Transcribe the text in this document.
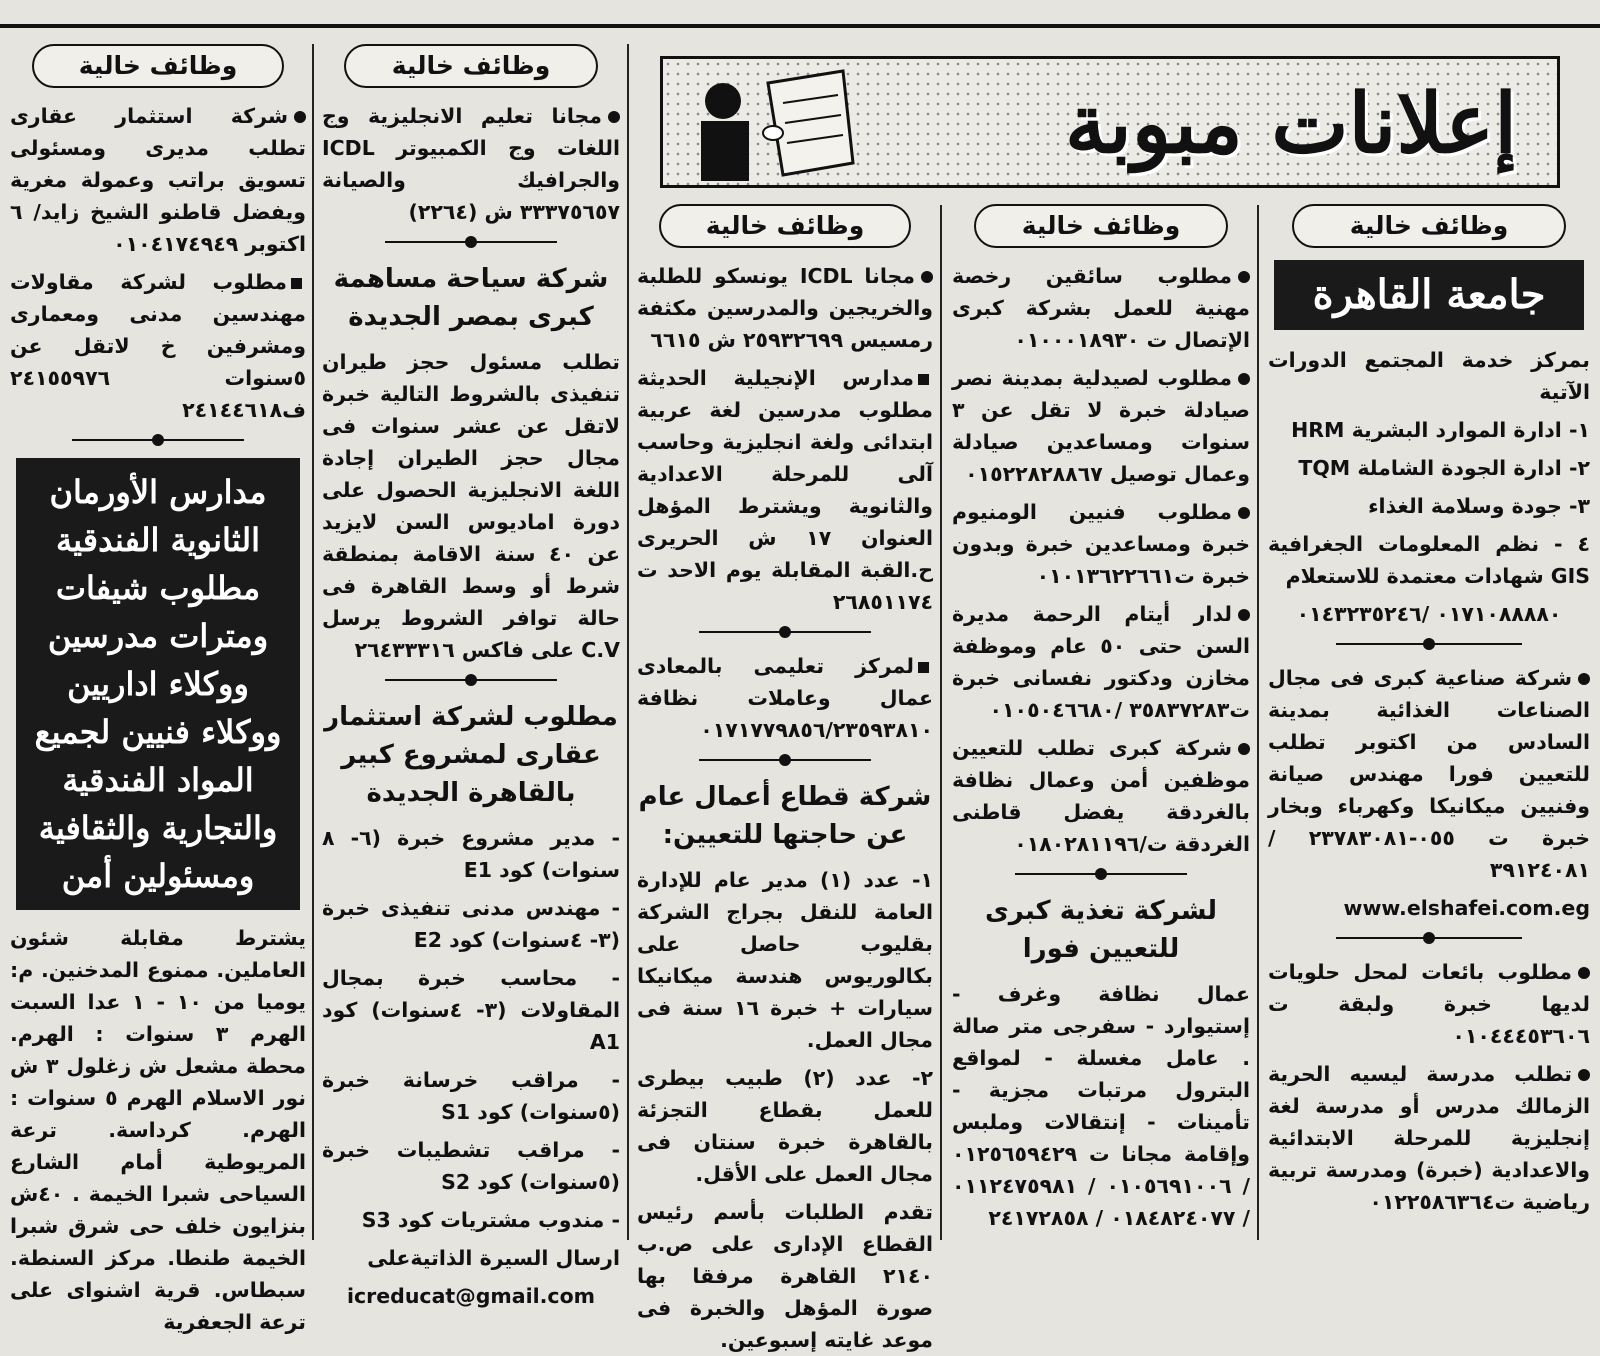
إعلانات مبوبة
وظائف خالية
جامعة القاهرة
بمركز خدمة المجتمع الدورات الآتية
١- ادارة الموارد البشرية HRM
٢- ادارة الجودة الشاملة TQM
٣- جودة وسلامة الغذاء
٤ - نظم المعلومات الجغرافية GIS شهادات معتمدة للاستعلام
٠١٧١٠٨٨٨٨٠ /٠١٤٣٢٣٥٢٤٦
شركة صناعية كبرى فى مجال الصناعات الغذائية بمدينة السادس من اكتوبر تطلب للتعيين فورا مهندس صيانة وفنيين ميكانيكا وكهرباء وبخار خبرة ت ٠٥٥-٢٣٧٨٣٠٨١ /٣٩١٢٤٠٨١
www.elshafei.com.eg
مطلوب بائعات لمحل حلويات لديها خبرة ولبقة ت ٠١٠٤٤٤٥٣٦٠٦
تطلب مدرسة ليسيه الحرية الزمالك مدرس أو مدرسة لغة إنجليزية للمرحلة الابتدائية والاعدادية (خبرة) ومدرسة تربية رياضية ت٠١٢٢٥٨٦٣٦٤
وظائف خالية
مطلوب سائقين رخصة مهنية للعمل بشركة كبرى الإتصال ت ٠١٠٠٠١٨٩٣٠
مطلوب لصيدلية بمدينة نصر صيادلة خبرة لا تقل عن ٣ سنوات ومساعدين صيادلة وعمال توصيل ٠١٥٢٢٨٢٨٨٦٧
مطلوب فنيين الومنيوم خبرة ومساعدين خبرة وبدون خبرة ت٠١٠١٣٦٢٢٦٦١
لدار أيتام الرحمة مديرة السن حتى ٥٠ عام وموظفة مخازن ودكتور نفسانى خبرة ت٣٥٨٣٧٢٨٣ /٠١٠٥٠٤٦٦٨٠
شركة كبرى تطلب للتعيين موظفين أمن وعمال نظافة بالغردقة يفضل قاطنى الغردقة ت/٠١٨٠٢٨١١٩٦
لشركة تغذية كبرى للتعيين فورا
عمال نظافة وغرف - إستيوارد - سفرجى متر صالة . عامل مغسلة - لمواقع البترول مرتبات مجزية - تأمينات - إنتقالات وملبس وإقامة مجانا ت ٠١٢٥٦٥٩٤٢٩ / ٠١٠٥٦٩١٠٠٦ / ٠١١٢٤٧٥٩٨١ / ٠١٨٤٨٢٤٠٧٧ / ٢٤١٧٢٨٥٨
وظائف خالية
مجانا ICDL يونسكو للطلبة والخريجين والمدرسين مكثفة رمسيس ٢٥٩٣٢٦٩٩ ش ٦٦١٥
مدارس الإنجيلية الحديثة مطلوب مدرسين لغة عربية ابتدائى ولغة انجليزية وحاسب آلى للمرحلة الاعدادية والثانوية ويشترط المؤهل العنوان ١٧ ش الحريرى ح.القبة المقابلة يوم الاحد ت ٢٦٨٥١١٧٤
لمركز تعليمى بالمعادى عمال وعاملات نظافة ٠١٧١٧٧٩٨٥٦/٢٣٥٩٣٨١٠
شركة قطاع أعمال عام عن حاجتها للتعيين:
١- عدد (١) مدير عام للإدارة العامة للنقل بجراج الشركة بقليوب حاصل على بكالوريوس هندسة ميكانيكا سيارات + خبرة ١٦ سنة فى مجال العمل.
٢- عدد (٢) طبيب بيطرى للعمل بقطاع التجزئة بالقاهرة خبرة سنتان فى مجال العمل على الأقل.
تقدم الطلبات بأسم رئيس القطاع الإدارى على ص.ب ٢١٤٠ القاهرة مرفقا بها صورة المؤهل والخبرة فى موعد غايته إسبوعين.
وظائف خالية
مجانا تعليم الانجليزية وج اللغات وج الكمبيوتر ICDL والجرافيك والصيانة ٣٣٣٧٥٦٥٧ ش (٢٢٦٤)
شركة سياحة مساهمة كبرى بمصر الجديدة
تطلب مسئول حجز طيران تنفيذى بالشروط التالية خبرة لاتقل عن عشر سنوات فى مجال حجز الطيران إجادة اللغة الانجليزية الحصول على دورة اماديوس السن لايزيد عن ٤٠ سنة الاقامة بمنطقة شرط أو وسط القاهرة فى حالة توافر الشروط يرسل C.V على فاكس ٢٦٤٣٣٣١٦
مطلوب لشركة استثمار عقارى لمشروع كبير بالقاهرة الجديدة
- مدير مشروع خبرة (٦- ٨ سنوات) كود E1
- مهندس مدنى تنفيذى خبرة (٣- ٤سنوات) كود E2
- محاسب خبرة بمجال المقاولات (٣- ٤سنوات) كود A1
- مراقب خرسانة خبرة (٥سنوات) كود S1
- مراقب تشطيبات خبرة (٥سنوات) كود S2
- مندوب مشتريات كود S3
ارسال السيرة الذاتيةعلى
icreducat@gmail.com
وظائف خالية
شركة استثمار عقارى تطلب مديرى ومسئولى تسويق براتب وعمولة مغرية ويفضل قاطنو الشيخ زايد/ ٦ اكتوبر ٠١٠٤١٧٤٩٤٩
مطلوب لشركة مقاولات مهندسين مدنى ومعمارى ومشرفين خ لاتقل عن ٥سنوات ٢٤١٥٥٩٧٦ ف٢٤١٤٤٦١٨
مدارس الأورمان الثانوية الفندقية مطلوب شيفات ومترات مدرسين ووكلاء اداريين ووكلاء فنيين لجميع المواد الفندقية والتجارية والثقافية ومسئولين أمن
يشترط مقابلة شئون العاملين. ممنوع المدخنين. م: يوميا من ١٠ - ١ عدا السبت الهرم ٣ سنوات : الهرم. محطة مشعل ش زغلول ٣ ش نور الاسلام الهرم ٥ سنوات : الهرم. كرداسة. ترعة المريوطية أمام الشارع السياحى شبرا الخيمة . ٤٠ش بنزايون خلف حى شرق شبرا الخيمة طنطا. مركز السنطة. سبطاس. قرية اشنواى على ترعة الجعفرية
